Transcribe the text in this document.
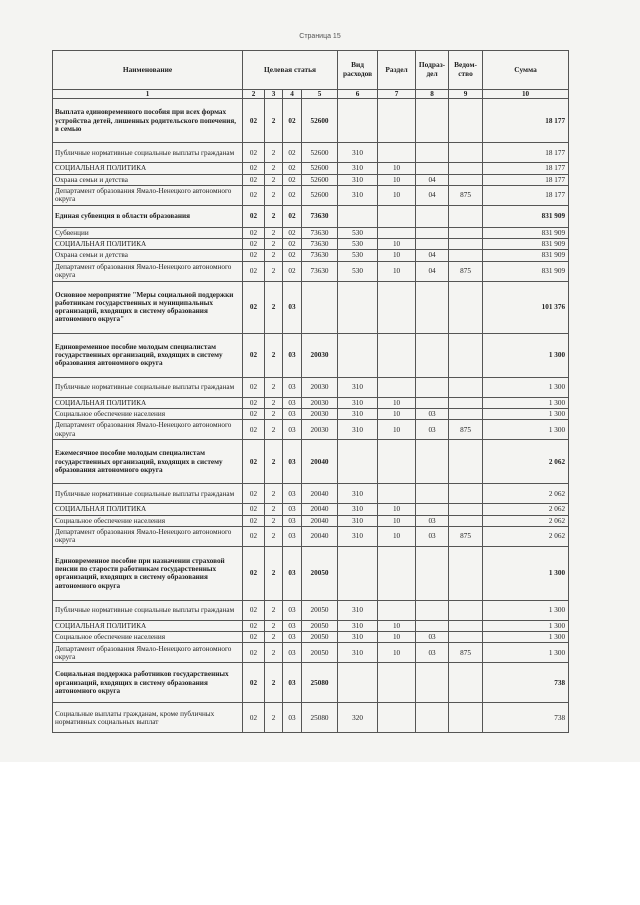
Страница 15
Наименование	Целевая статья				Вид расходов	Раздел	Подраз-дел	Ведом-ство	Сумма
1	2	3	4	5	6	7	8	9	10
Выплата единовременного пособия при всех формах устройства детей, лишенных родительского попечения, в семью	02	2	02	52600					18 177
Публичные нормативные социальные выплаты гражданам	02	2	02	52600	310				18 177
СОЦИАЛЬНАЯ ПОЛИТИКА	02	2	02	52600	310	10			18 177
Охрана семьи и детства	02	2	02	52600	310	10	04		18 177
Департамент образования Ямало-Ненецкого автономного округа	02	2	02	52600	310	10	04	875	18 177
Единая субвенция в области образования	02	2	02	73630					831 909
Субвенции	02	2	02	73630	530				831 909
СОЦИАЛЬНАЯ ПОЛИТИКА	02	2	02	73630	530	10			831 909
Охрана семьи и детства	02	2	02	73630	530	10	04		831 909
Департамент образования Ямало-Ненецкого автономного округа	02	2	02	73630	530	10	04	875	831 909
Основное мероприятие "Меры социальной поддержки работникам государственных и муниципальных организаций, входящих в систему образования автономного округа"	02	2	03						101 376
Единовременное пособие молодым специалистам государственных организаций, входящих в систему образования автономного округа	02	2	03	20030					1 300
Публичные нормативные социальные выплаты гражданам	02	2	03	20030	310				1 300
СОЦИАЛЬНАЯ ПОЛИТИКА	02	2	03	20030	310	10			1 300
Социальное обеспечение населения	02	2	03	20030	310	10	03		1 300
Департамент образования Ямало-Ненецкого автономного округа	02	2	03	20030	310	10	03	875	1 300
Ежемесячное пособие молодым специалистам государственных организаций, входящих в систему образования автономного округа	02	2	03	20040					2 062
Публичные нормативные социальные выплаты гражданам	02	2	03	20040	310				2 062
СОЦИАЛЬНАЯ ПОЛИТИКА	02	2	03	20040	310	10			2 062
Социальное обеспечение населения	02	2	03	20040	310	10	03		2 062
Департамент образования Ямало-Ненецкого автономного округа	02	2	03	20040	310	10	03	875	2 062
Единовременное пособие при назначении страховой пенсии по старости работникам государственных организаций, входящих в систему образования автономного округа	02	2	03	20050					1 300
Публичные нормативные социальные выплаты гражданам	02	2	03	20050	310				1 300
СОЦИАЛЬНАЯ ПОЛИТИКА	02	2	03	20050	310	10			1 300
Социальное обеспечение населения	02	2	03	20050	310	10	03		1 300
Департамент образования Ямало-Ненецкого автономного округа	02	2	03	20050	310	10	03	875	1 300
Социальная поддержка работников государственных организаций, входящих в систему образования автономного округа	02	2	03	25080					738
Социальные выплаты гражданам, кроме публичных нормативных социальных выплат	02	2	03	25080	320				738
